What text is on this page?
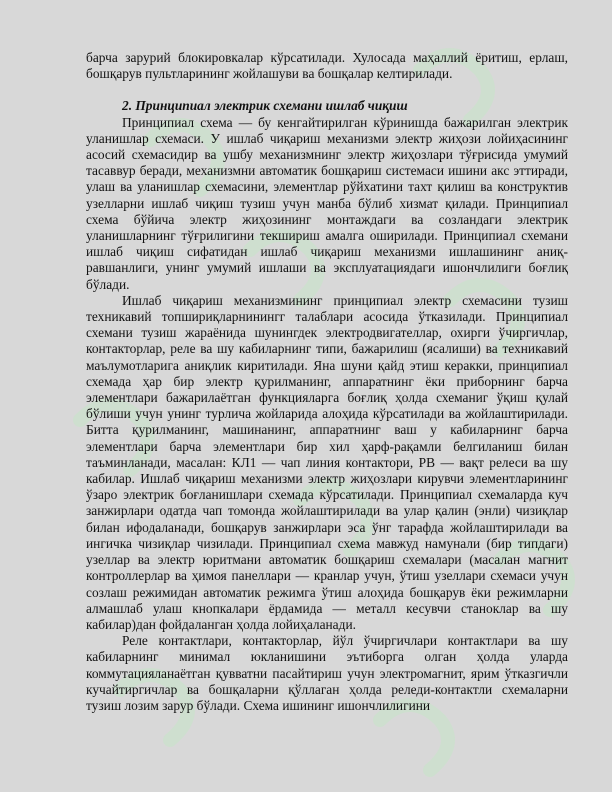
барча зарурий блокировкалар кўрсатилади. Хулосада маҳаллий ёритиш, ерлаш, бошқарув пультларининг жойлашуви ва бошқалар келтирилади.

2. Принципиал электрик схемани ишлаб чиқиш

Принципиал схема — бу кенгайтирилган кўринишда бажарилган электрик уланишлар схемаси. У ишлаб чиқариш механизми электр жиҳози лойиҳасининг асосий схемасидир ва ушбу механизмнинг электр жиҳозлари тўғрисида умумий тасаввур беради, механизмни автоматик бошқариш системаси ишини акс эттиради, улаш ва уланишлар схемасини, элементлар рўйхатини тахт қилиш ва конструктив узелларни ишлаб чиқиш тузиш учун манба бўлиб хизмат қилади. Принципиал схема бўйича электр жиҳозининг монтаждаги ва созландаги электрик уланишларнинг тўғрилигини текшириш амалга оширилади. Принципиал схемани ишлаб чиқиш сифатидан ишлаб чиқариш механизми ишлашининг аниқ-равшанлиги, унинг умумий ишлаши ва эксплуатациядаги ишончлилиги боғлиқ бўлади.

Ишлаб чиқариш механизмининг принципиал электр схемасини тузиш техникавий топшириқларнинингг талаблари асосида ўтказилади. Принципиал схемани тузиш жараёнида шунингдек электродвигателлар, охирги ўчиргичлар, контакторлар, реле ва шу кабиларнинг типи, бажарилиш (ясалиши) ва техникавий маълумотларига аниқлик киритилади. Яна шуни қайд этиш керакки, принципиал схемада ҳар бир электр қурилманинг, аппаратнинг ёки приборнинг барча элементлари бажарилаётган функцияларга боғлиқ ҳолда схеманиг ўқиш қулай бўлиши учун унинг турлича жойларида алоҳида кўрсатилади ва жойлаштирилади. Битта қурилманинг, машинанинг, аппаратнинг ваш у кабиларнинг барча элементлари барча элементлари бир хил ҳарф-рақамли белгиланиш билан таъминланади, масалан: КЛ1 — чап линия контактори, РВ — вақт релеси ва шу кабилар. Ишлаб чиқариш механизми электр жиҳозлари кирувчи элементларининг ўзаро электрик боғланишлари схемада кўрсатилади. Принципиал схемаларда куч занжирлари одатда чап томонда жойлаштирилади ва улар қалин (энли) чизиқлар билан ифодаланади, бошқарув занжирлари эса ўнг тарафда жойлаштирилади ва ингичка чизиқлар чизилади. Принципиал схема мавжуд намунали (бир типдаги) узеллар ва электр юритмани автоматик бошқариш схемалари (масалан магнит контроллерлар ва ҳимоя панеллари — кранлар учун, ўтиш узеллари схемаси учун созлаш режимидан автоматик режимга ўтиш алоҳида бошқарув ёки режимларни алмашлаб улаш кнопкалари ёрдамида — металл кесувчи станоклар ва шу кабилар)дан фойдаланган ҳолда лойиҳаланади.

Реле контактлари, контакторлар, йўл ўчиргичлари контактлари ва шу кабиларнинг минимал юкланишини эътиборга олган ҳолда уларда коммутацияланаётган қувватни пасайтириш учун электромагнит, ярим ўтказгичли кучайтиргичлар ва бошқаларни қўллаган ҳолда реледи-контактли схемаларни тузиш лозим зарур бўлади. Схема ишининг ишончлилигини
